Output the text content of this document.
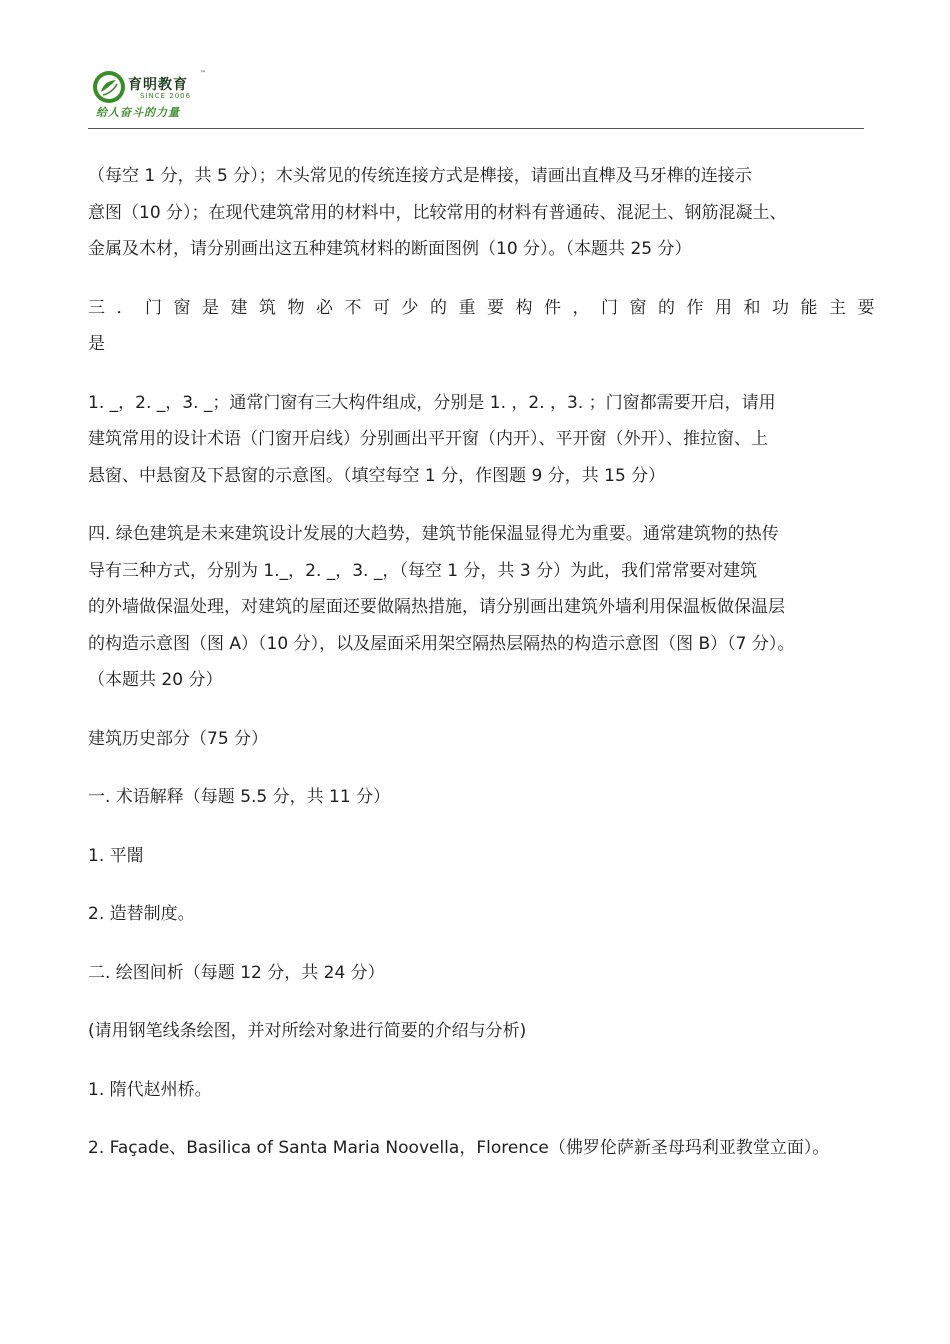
育明教育
™
SINCE 2006
给人奋斗的力量

（每空 1 分，共 5 分）；木头常见的传统连接方式是榫接，请画出直榫及马牙榫的连接示
意图（10 分）；在现代建筑常用的材料中，比较常用的材料有普通砖、混泥土、钢筋混凝土、
金属及木材，请分别画出这五种建筑材料的断面图例（10 分）。（本题共 25 分）

三．门窗是建筑物必不可少的重要构件，门窗的作用和功能主要
是

1. _，2. _，3. _；通常门窗有三大构件组成，分别是 1. ，2. ，3. ；门窗都需要开启，请用
建筑常用的设计术语（门窗开启线）分别画出平开窗（内开）、平开窗（外开）、推拉窗、上
悬窗、中悬窗及下悬窗的示意图。（填空每空 1 分，作图题 9 分，共 15 分）

四. 绿色建筑是未来建筑设计发展的大趋势，建筑节能保温显得尤为重要。通常建筑物的热传
导有三种方式，分别为 1._，2. _，3. _，（每空 1 分，共 3 分）为此，我们常常要对建筑
的外墙做保温处理，对建筑的屋面还要做隔热措施，请分别画出建筑外墙利用保温板做保温层
的构造示意图（图 A）（10 分），以及屋面采用架空隔热层隔热的构造示意图（图 B）（7 分）。
（本题共 20 分）

建筑历史部分（75 分）

一. 术语解释（每题 5.5 分，共 11 分）

1. 平闇

2. 造替制度。

二. 绘图间析（每题 12 分，共 24 分）

(请用钢笔线条绘图，并对所绘对象进行简要的介绍与分析)

1. 隋代赵州桥。

2. Façade、Basilica of Santa Maria Noovella，Florence（佛罗伦萨新圣母玛利亚教堂立面）。
